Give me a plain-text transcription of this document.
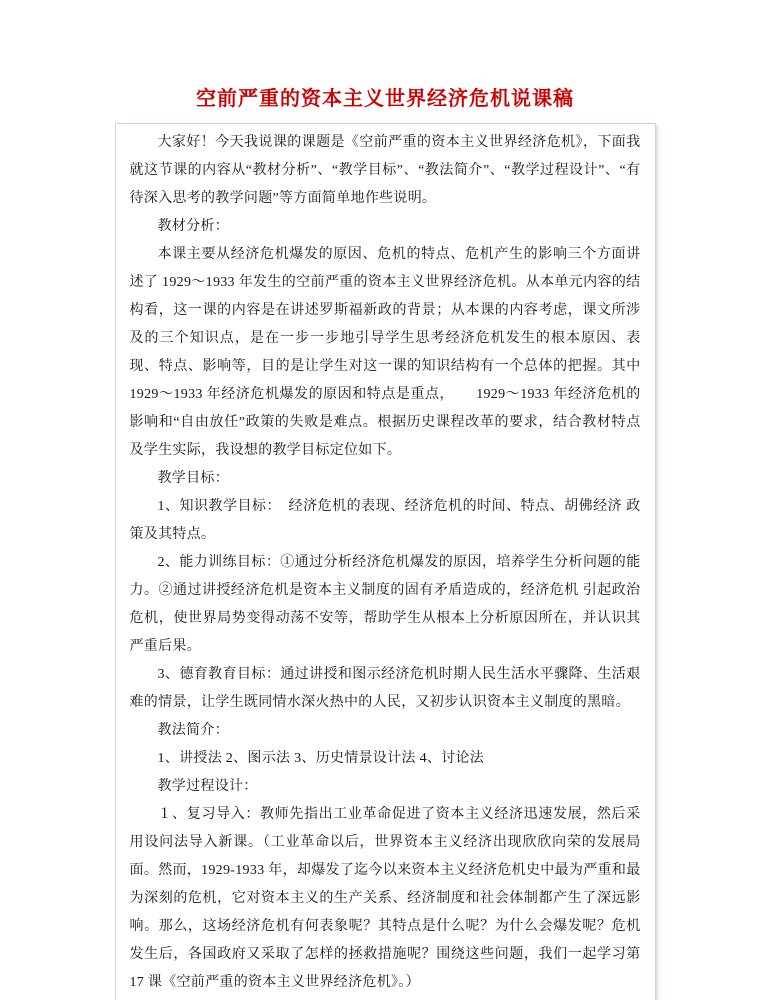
空前严重的资本主义世界经济危机说课稿

大家好！今天我说课的课题是《空前严重的资本主义世界经济危机》，下面我就这节课的内容从“教材分析”、“教学目标”、“教法简介”、“教学过程设计”、“有待深入思考的教学问题”等方面简单地作些说明。

教材分析：

本课主要从经济危机爆发的原因、危机的特点、危机产生的影响三个方面讲述了 1929～1933 年发生的空前严重的资本主义世界经济危机。从本单元内容的结构看，这一课的内容是在讲述罗斯福新政的背景；从本课的内容考虑，课文所涉及的三个知识点，是在一步一步地引导学生思考经济危机发生的根本原因、表现、特点、影响等，目的是让学生对这一课的知识结构有一个总体的把握。其中 1929～1933 年经济危机爆发的原因和特点是重点，　　1929～1933 年经济危机的影响和“自由放任”政策的失败是难点。根据历史课程改革的要求，结合教材特点及学生实际，我设想的教学目标定位如下。

教学目标：

1、知识教学目标：　经济危机的表现、经济危机的时间、特点、胡佛经济 政策及其特点。

2、能力训练目标：①通过分析经济危机爆发的原因，培养学生分析问题的能力。②通过讲授经济危机是资本主义制度的固有矛盾造成的，经济危机 引起政治危机，使世界局势变得动荡不安等，帮助学生从根本上分析原因所在，并认识其严重后果。

3、德育教育目标：通过讲授和图示经济危机时期人民生活水平骤降、生活艰难的情景，让学生既同情水深火热中的人民，又初步认识资本主义制度的黑暗。

教法简介：

1、讲授法 2、图示法 3、历史情景设计法 4、讨论法

教学过程设计：

１、复习导入：教师先指出工业革命促进了资本主义经济迅速发展，然后采用设问法导入新课。（工业革命以后，世界资本主义经济出现欣欣向荣的发展局面。然而，1929-1933 年，却爆发了迄今以来资本主义经济危机史中最为严重和最为深刻的危机，它对资本主义的生产关系、经济制度和社会体制都产生了深远影响。那么，这场经济危机有何表象呢？其特点是什么呢？为什么会爆发呢？危机发生后，各国政府又采取了怎样的拯救措施呢？围绕这些问题，我们一起学习第 17 课《空前严重的资本主义世界经济危机》。）
